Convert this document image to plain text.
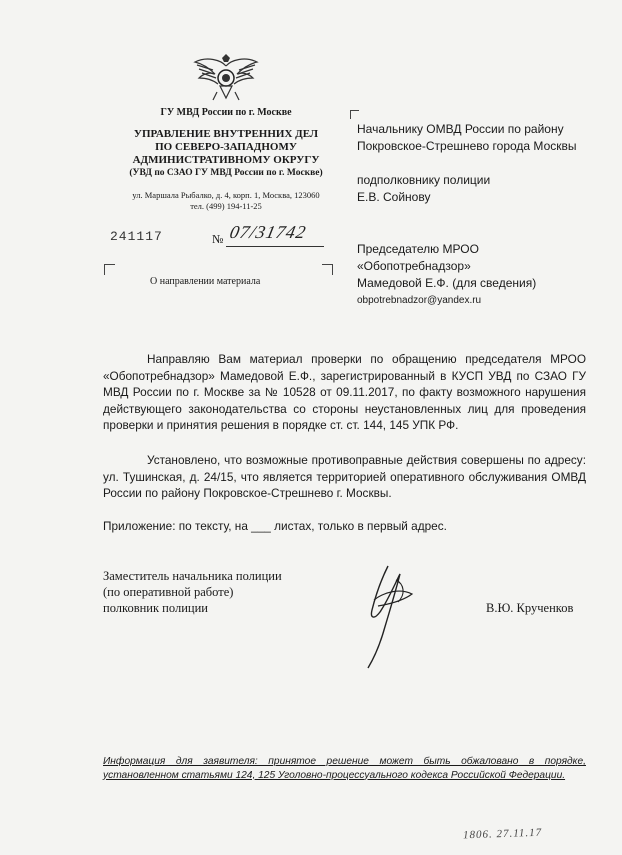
ГУ МВД России по г. Москве
УПРАВЛЕНИЕ ВНУТРЕННИХ ДЕЛ
ПО СЕВЕРО-ЗАПАДНОМУ
АДМИНИСТРАТИВНОМУ ОКРУГУ
(УВД по СЗАО ГУ МВД России по г. Москве)
ул. Маршала Рыбалко, д. 4, корп. 1, Москва, 123060
тел. (499) 194-11-25
241117	№ 07/31742
О направлении материала
Начальнику ОМВД России по району
Покровское-Стрешнево города Москвы
подполковнику полиции
Е.В. Сойнову
Председателю МРОО
«Обопотребнадзор»
Мамедовой Е.Ф. (для сведения)
obpotrebnadzor@yandex.ru
Направляю Вам материал проверки по обращению председателя МРОО «Обопотребнадзор» Мамедовой Е.Ф., зарегистрированный в КУСП УВД по СЗАО ГУ МВД России по г. Москве за № 10528 от 09.11.2017, по факту возможного нарушения действующего законодательства со стороны неустановленных лиц для проведения проверки и принятия решения в порядке ст. ст. 144, 145 УПК РФ.
Установлено, что возможные противоправные действия совершены по адресу: ул. Тушинская, д. 24/15, что является территорией оперативного обслуживания ОМВД России по району Покровское-Стрешнево г. Москвы.
Приложение: по тексту, на ___ листах, только в первый адрес.
Заместитель начальника полиции
(по оперативной работе)
полковник полиции	В.Ю. Крученков
Информация для заявителя: принятое решение может быть обжаловано в порядке, установленном статьями 124, 125 Уголовно-процессуального кодекса Российской Федерации.
1806. 27.11.17
